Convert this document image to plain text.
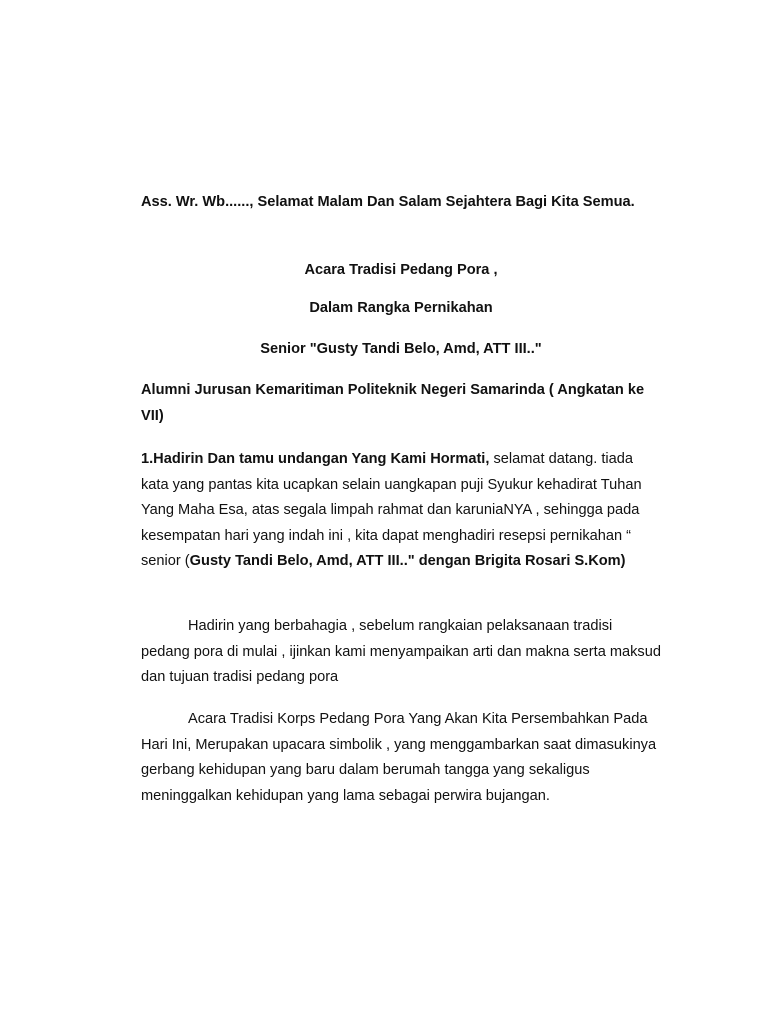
Ass. Wr. Wb......, Selamat Malam Dan Salam Sejahtera Bagi Kita Semua.
Acara Tradisi Pedang Pora ,
Dalam Rangka Pernikahan
Senior "Gusty Tandi Belo, Amd, ATT III.."
Alumni Jurusan Kemaritiman Politeknik Negeri Samarinda ( Angkatan ke VII)
1.Hadirin Dan tamu undangan Yang Kami Hormati, selamat datang. tiada kata yang pantas kita ucapkan selain uangkapan puji Syukur kehadirat Tuhan Yang Maha Esa, atas segala limpah rahmat dan karuniaNYA , sehingga pada kesempatan hari yang indah ini , kita dapat menghadiri resepsi pernikahan “ senior (Gusty Tandi Belo, Amd, ATT III.." dengan Brigita Rosari S.Kom)
Hadirin yang berbahagia , sebelum rangkaian pelaksanaan tradisi pedang pora di mulai , ijinkan kami menyampaikan arti dan makna serta maksud dan tujuan tradisi pedang pora
Acara Tradisi Korps Pedang Pora Yang Akan Kita Persembahkan Pada Hari Ini, Merupakan upacara simbolik , yang menggambarkan saat dimasukinya gerbang kehidupan yang baru dalam berumah tangga yang sekaligus meninggalkan kehidupan yang lama sebagai perwira bujangan.
